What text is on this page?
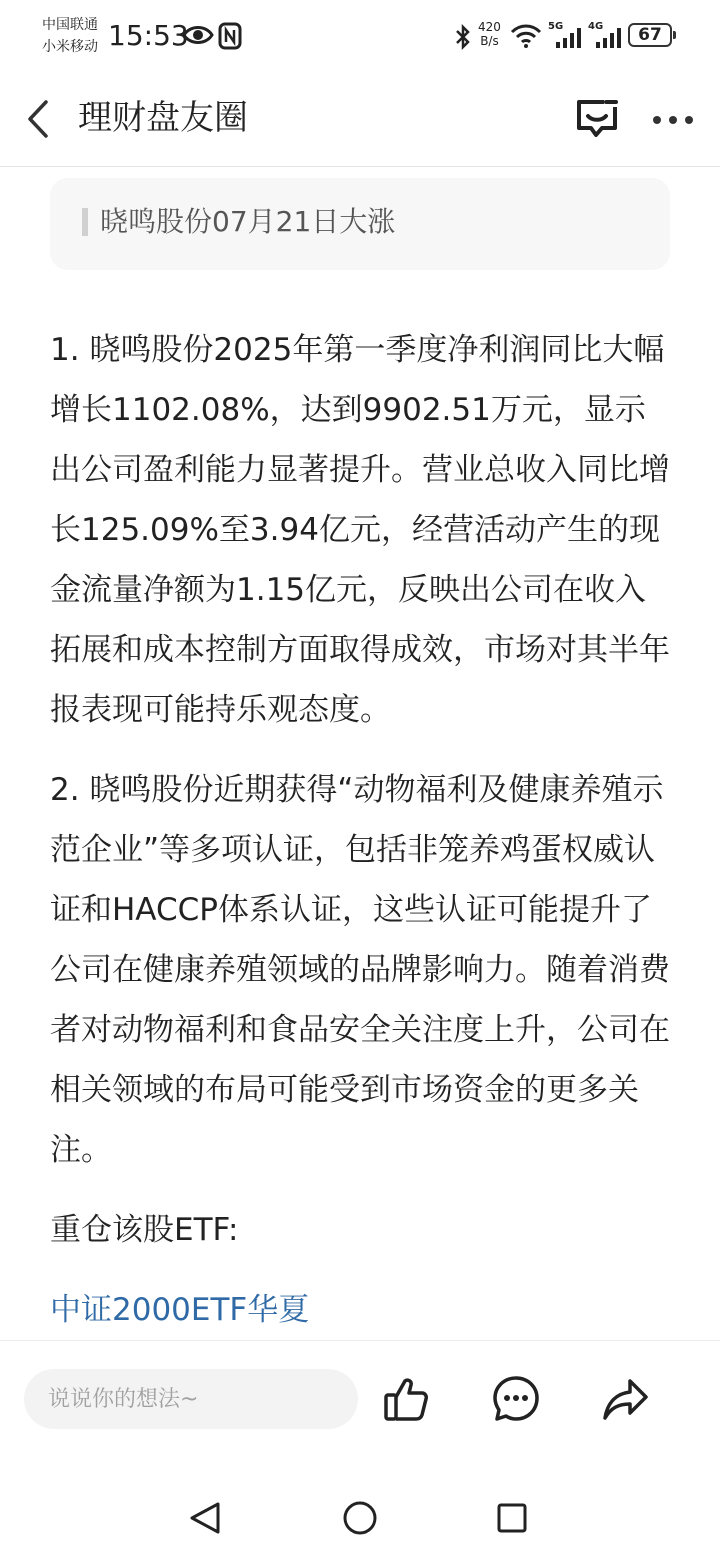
中国联通
小米移动 15:53	420
B/s
5G 4G	67
理财盘友圈
晓鸣股份07月21日大涨

1. 晓鸣股份2025年第一季度净利润同比大幅增长1102.08%，达到9902.51万元，显示出公司盈利能力显著提升。营业总收入同比增长125.09%至3.94亿元，经营活动产生的现金流量净额为1.15亿元，反映出公司在收入拓展和成本控制方面取得成效，市场对其半年报表现可能持乐观态度。

2. 晓鸣股份近期获得“动物福利及健康养殖示范企业”等多项认证，包括非笼养鸡蛋权威认证和HACCP体系认证，这些认证可能提升了公司在健康养殖领域的品牌影响力。随着消费者对动物福利和食品安全关注度上升，公司在相关领域的布局可能受到市场资金的更多关注。

重仓该股ETF:

中证2000ETF华夏
说说你的想法~
